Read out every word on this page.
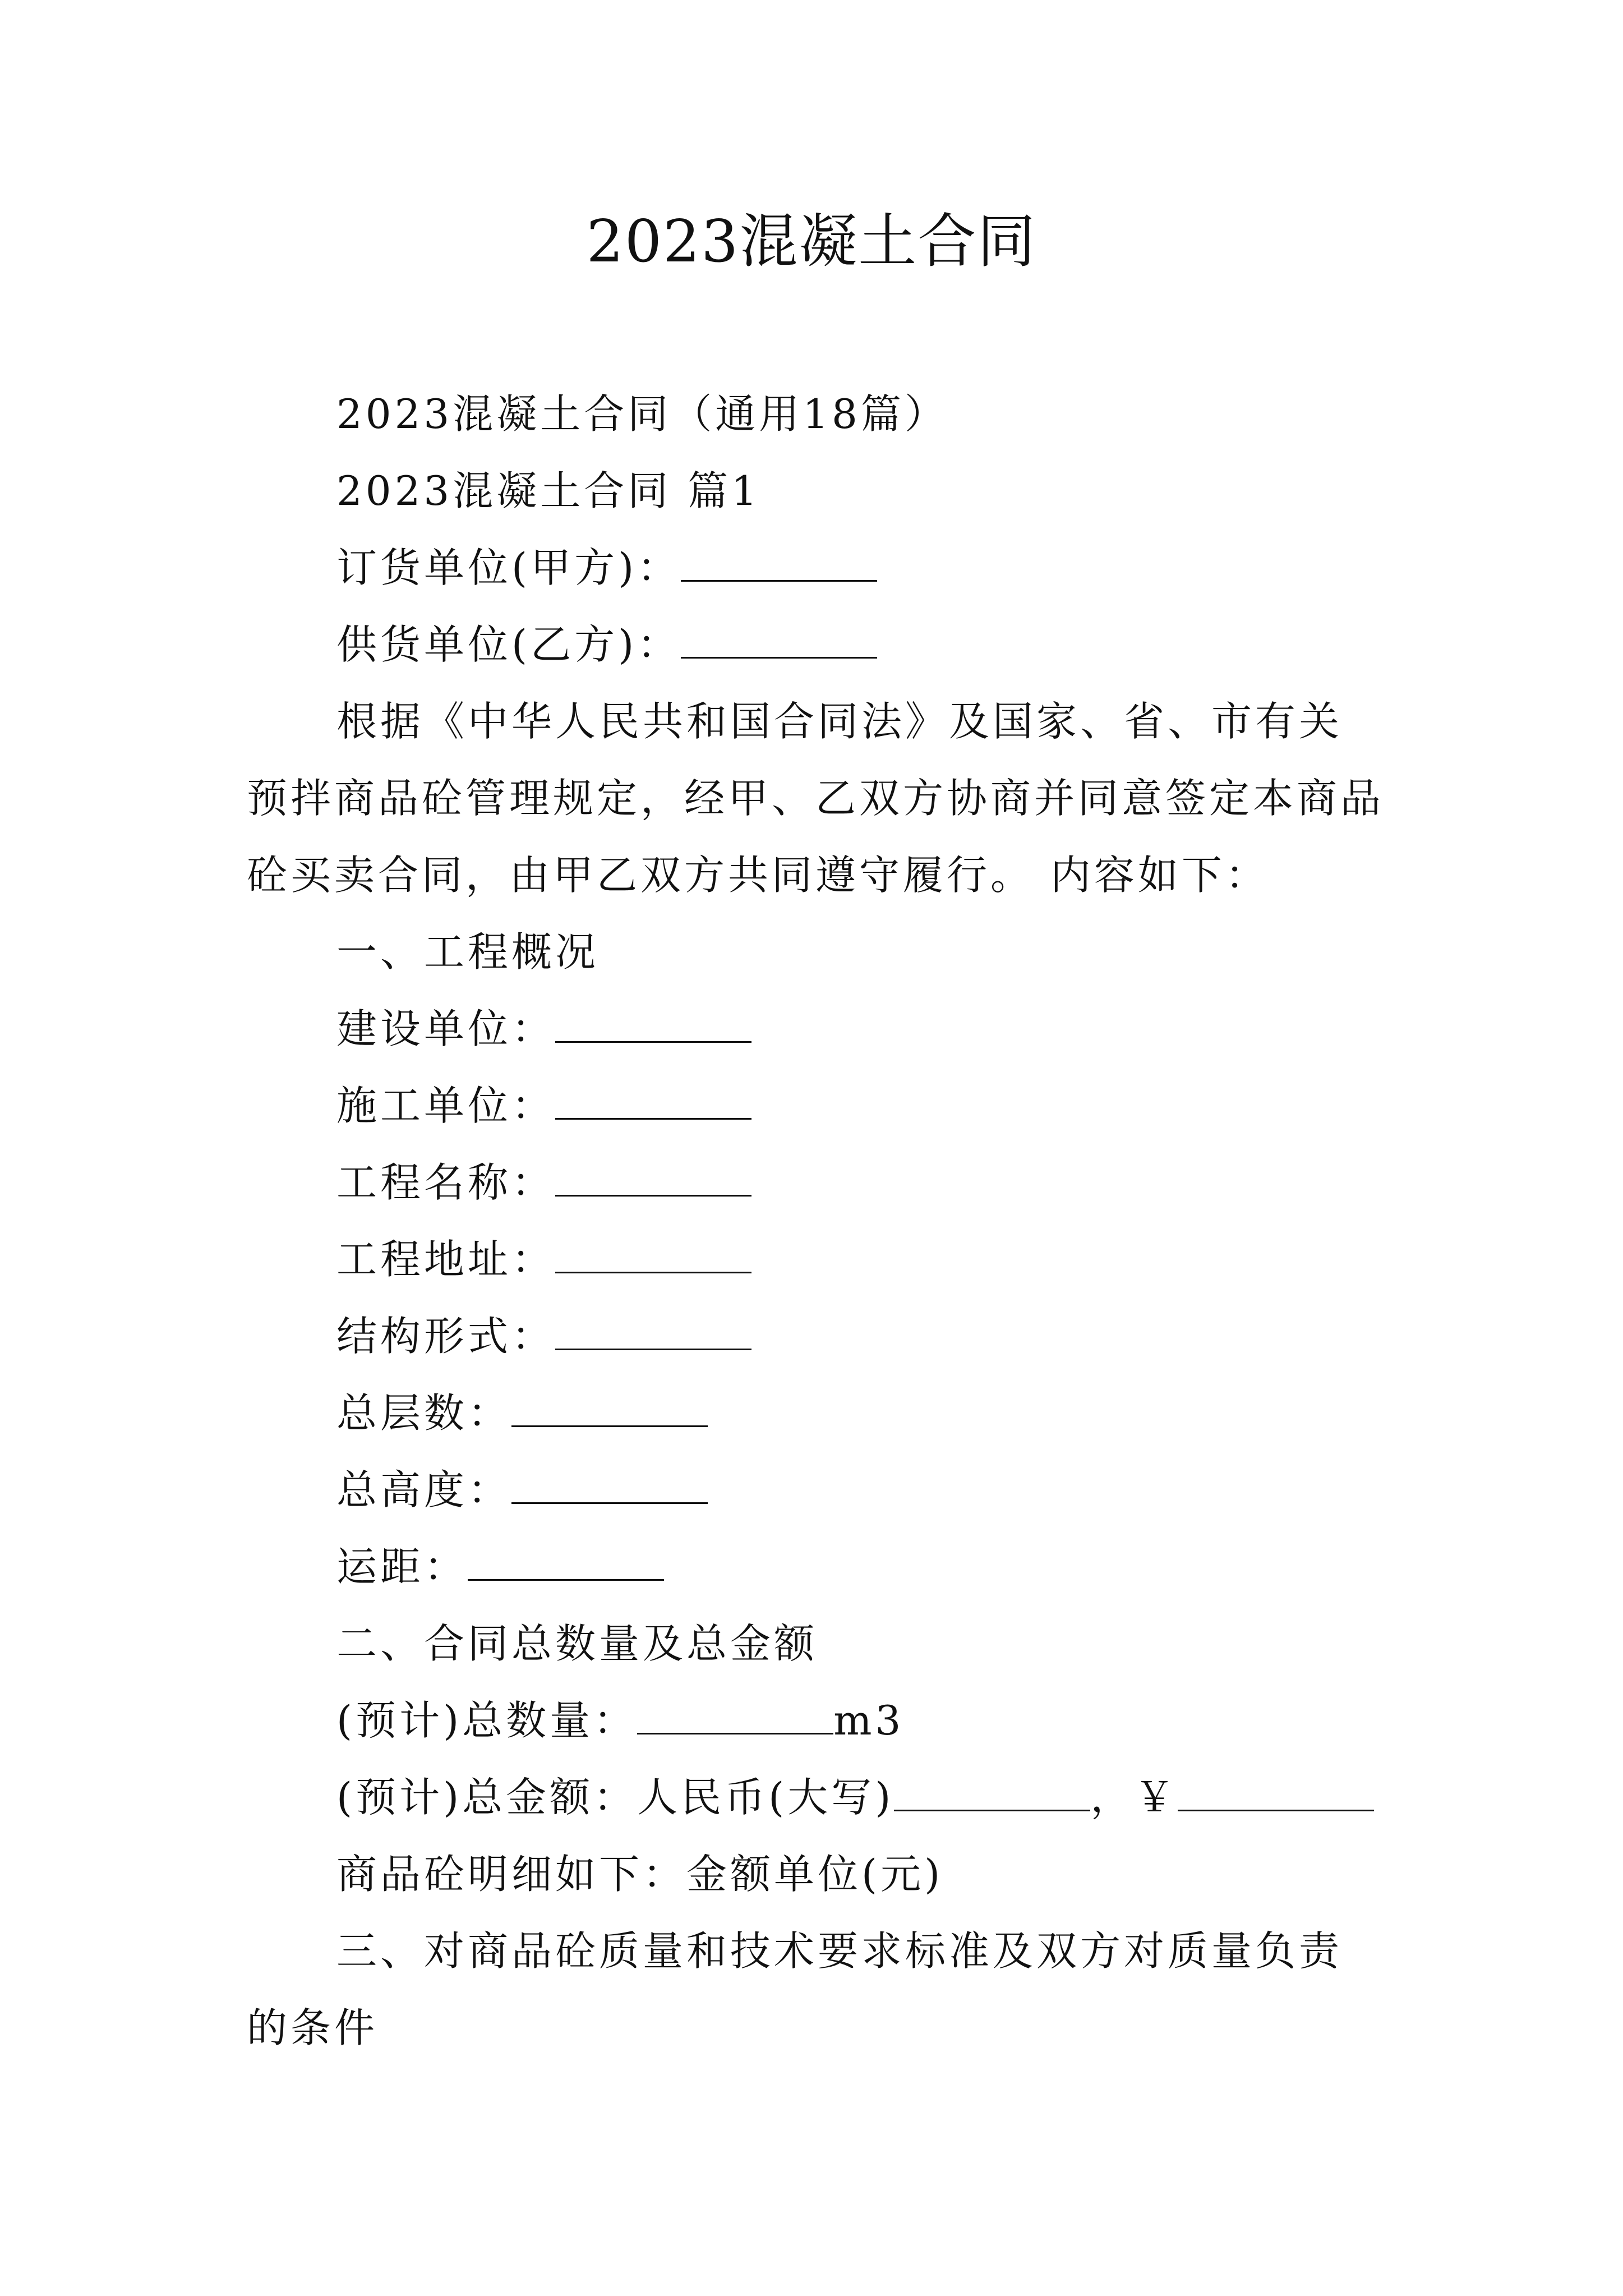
2023混凝土合同

2023混凝土合同（通用18篇）

2023混凝土合同 篇1

订货单位(甲方)：

供货单位(乙方)：

根据《中华人民共和国合同法》及国家、省、市有关预拌商品砼管理规定，经甲、乙双方协商并同意签定本商品砼买卖合同，由甲乙双方共同遵守履行。 内容如下：

一、工程概况

建设单位：

施工单位：

工程名称：

工程地址：

结构形式：

总层数：

总高度：

运距：

二、合同总数量及总金额

(预计)总数量：	m3

(预计)总金额：人民币(大写)	，￥

商品砼明细如下：金额单位(元)

三、对商品砼质量和技术要求标准及双方对质量负责的条件
